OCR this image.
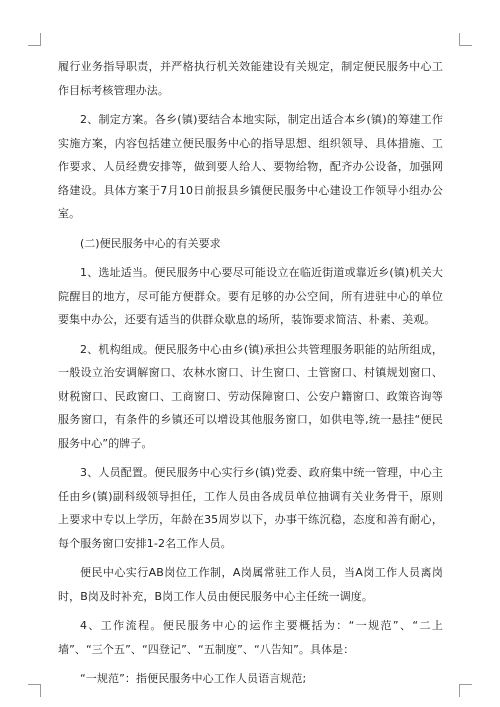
履行业务指导职责，并严格执行机关效能建设有关规定，制定便民服务中心工作目标考核管理办法。

2、制定方案。各乡(镇)要结合本地实际，制定出适合本乡(镇)的筹建工作实施方案，内容包括建立便民服务中心的指导思想、组织领导、具体措施、工作要求、人员经费安排等，做到要人给人、要物给物，配齐办公设备，加强网络建设。具体方案于7月10日前报县乡镇便民服务中心建设工作领导小组办公室。

(二)便民服务中心的有关要求

1、选址适当。便民服务中心要尽可能设立在临近街道或靠近乡(镇)机关大院醒目的地方，尽可能方便群众。要有足够的办公空间，所有进驻中心的单位要集中办公，还要有适当的供群众歇息的场所，装饰要求简洁、朴素、美观。

2、机构组成。便民服务中心由乡(镇)承担公共管理服务职能的站所组成，一般设立治安调解窗口、农林水窗口、计生窗口、土管窗口、村镇规划窗口、财税窗口、民政窗口、工商窗口、劳动保障窗口、公安户籍窗口、政策咨询等服务窗口，有条件的乡镇还可以增设其他服务窗口，如供电等,统一悬挂“便民服务中心”的牌子。

3、人员配置。便民服务中心实行乡(镇)党委、政府集中统一管理，中心主任由乡(镇)副科级领导担任，工作人员由各成员单位抽调有关业务骨干，原则上要求中专以上学历，年龄在35周岁以下，办事干练沉稳，态度和善有耐心，每个服务窗口安排1-2名工作人员。

便民中心实行AB岗位工作制，A岗属常驻工作人员，当A岗工作人员离岗时，B岗及时补充，B岗工作人员由便民服务中心主任统一调度。

4、工作流程。便民服务中心的运作主要概括为：“一规范”、“二上墙”、“三个五”、“四登记”、“五制度”、“八告知”。具体是：

“一规范”：指便民服务中心工作人员语言规范;
